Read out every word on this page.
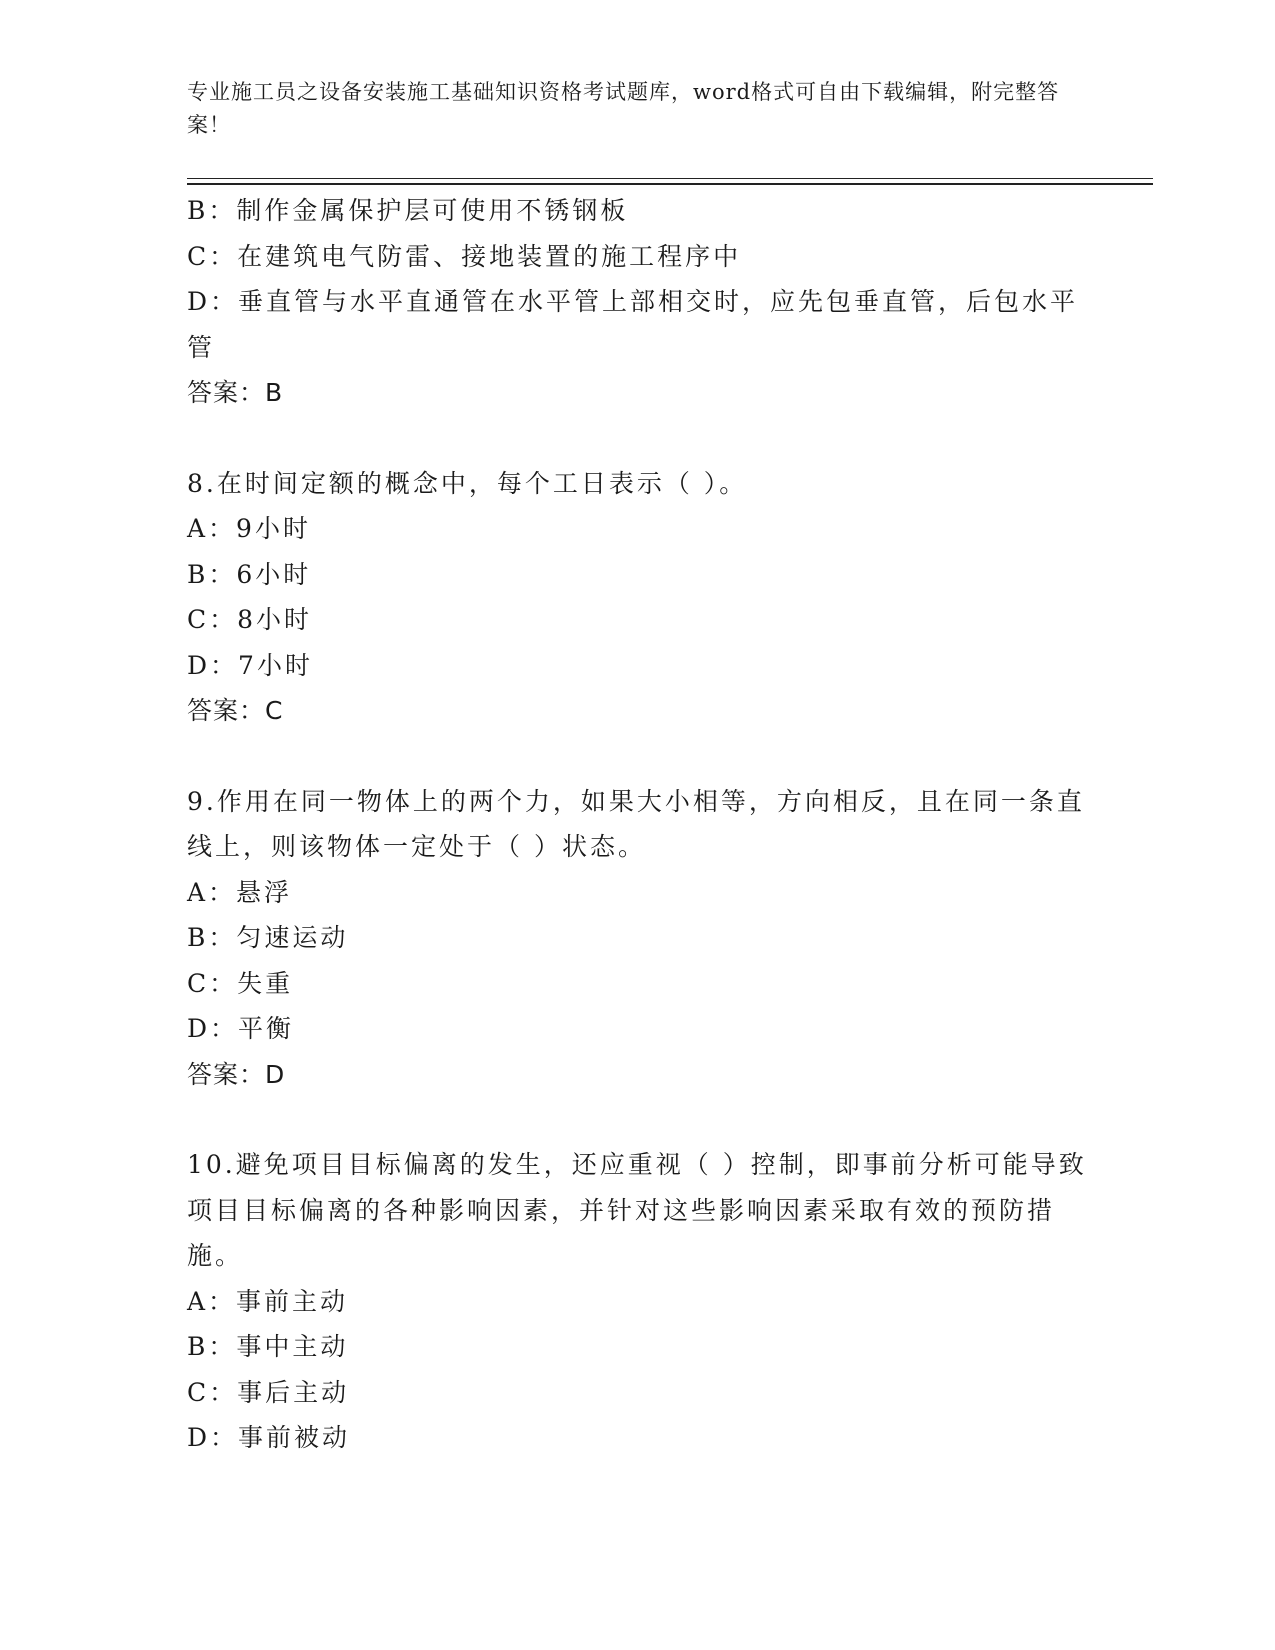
专业施工员之设备安装施工基础知识资格考试题库，word格式可自由下载编辑，附完整答案！

B：制作金属保护层可使用不锈钢板

C：在建筑电气防雷、接地装置的施工程序中

D：垂直管与水平直通管在水平管上部相交时，应先包垂直管，后包水平管

答案：B

8.在时间定额的概念中，每个工日表示（ ）。

A：9小时

B：6小时

C：8小时

D：7小时

答案：C

9.作用在同一物体上的两个力，如果大小相等，方向相反，且在同一条直线上，则该物体一定处于（ ）状态。

A：悬浮

B：匀速运动

C：失重

D：平衡

答案：D

10.避免项目目标偏离的发生，还应重视（ ）控制，即事前分析可能导致项目目标偏离的各种影响因素，并针对这些影响因素采取有效的预防措施。

A：事前主动

B：事中主动

C：事后主动

D：事前被动
